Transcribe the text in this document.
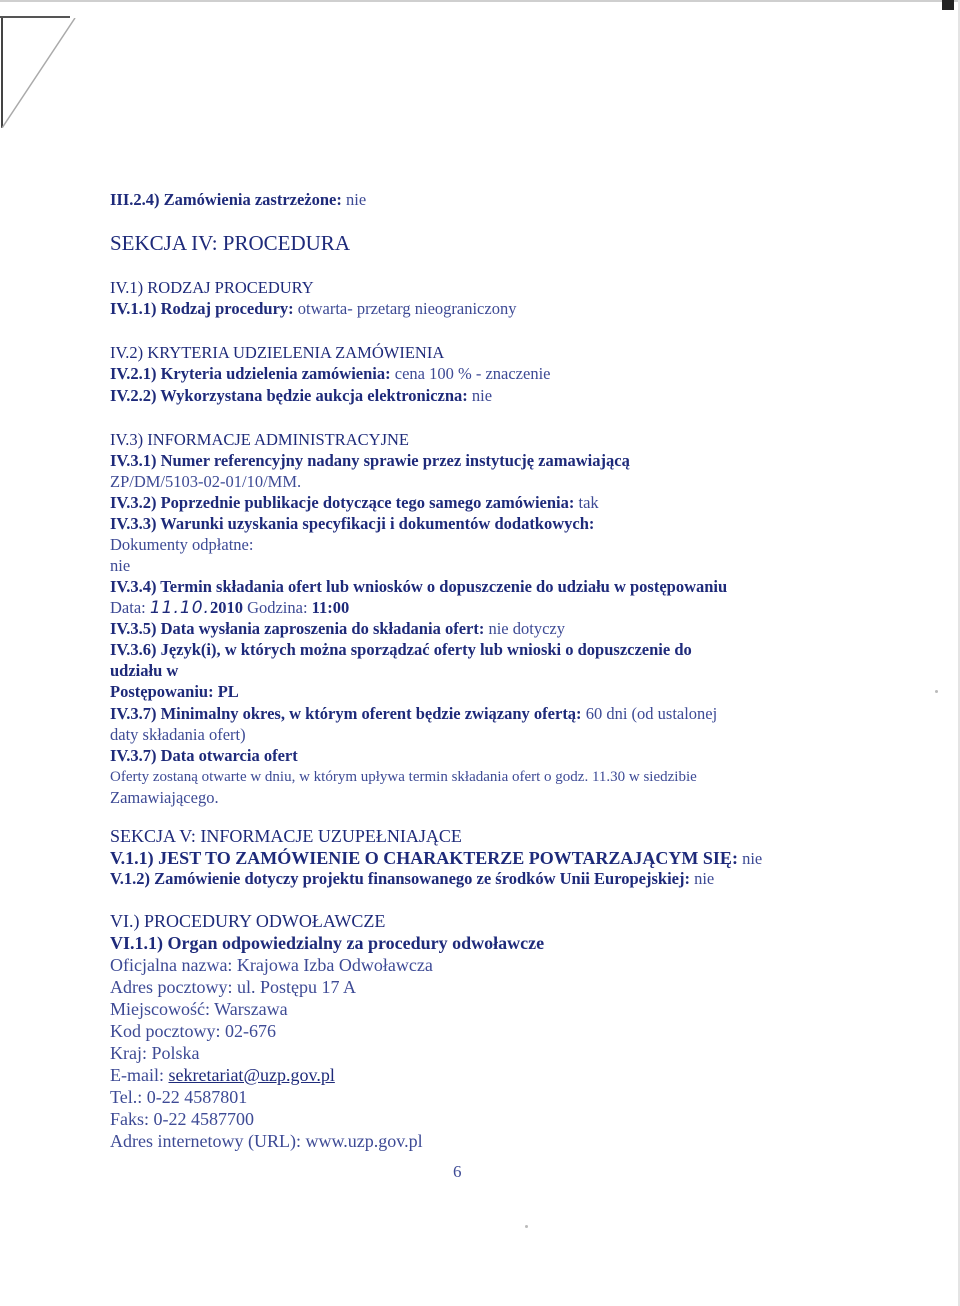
III.2.4) Zamówienia zastrzeżone: nie
SEKCJA IV: PROCEDURA
IV.1) RODZAJ PROCEDURY
IV.1.1) Rodzaj procedury: otwarta- przetarg nieograniczony
IV.2) KRYTERIA UDZIELENIA ZAMÓWIENIA
IV.2.1) Kryteria udzielenia zamówienia: cena 100 % - znaczenie
IV.2.2) Wykorzystana będzie aukcja elektroniczna: nie
IV.3) INFORMACJE ADMINISTRACYJNE
IV.3.1) Numer referencyjny nadany sprawie przez instytucję zamawiającą
ZP/DM/5103-02-01/10/MM.
IV.3.2) Poprzednie publikacje dotyczące tego samego zamówienia: tak
IV.3.3) Warunki uzyskania specyfikacji i dokumentów dodatkowych:
Dokumenty odpłatne:
nie
IV.3.4) Termin składania ofert lub wniosków o dopuszczenie do udziału w postępowaniu
Data: 11.10.2010 Godzina: 11:00
IV.3.5) Data wysłania zaproszenia do składania ofert: nie dotyczy
IV.3.6) Język(i), w których można sporządzać oferty lub wnioski o dopuszczenie do
udziału w
Postępowaniu: PL
IV.3.7) Minimalny okres, w którym oferent będzie związany ofertą: 60 dni (od ustalonej
daty składania ofert)
IV.3.7) Data otwarcia ofert
Oferty zostaną otwarte w dniu, w którym upływa termin składania ofert o godz. 11.30 w siedzibie
Zamawiającego.
SEKCJA V: INFORMACJE UZUPEŁNIAJĄCE
V.1.1) JEST TO ZAMÓWIENIE O CHARAKTERZE POWTARZAJĄCYM SIĘ: nie
V.1.2) Zamówienie dotyczy projektu finansowanego ze środków Unii Europejskiej: nie
VI.) PROCEDURY ODWOŁAWCZE
VI.1.1) Organ odpowiedzialny za procedury odwoławcze
Oficjalna nazwa: Krajowa Izba Odwoławcza
Adres pocztowy: ul. Postępu 17 A
Miejscowość: Warszawa
Kod pocztowy: 02-676
Kraj: Polska
E-mail: sekretariat@uzp.gov.pl
Tel.: 0-22 4587801
Faks: 0-22 4587700
Adres internetowy (URL): www.uzp.gov.pl
6
